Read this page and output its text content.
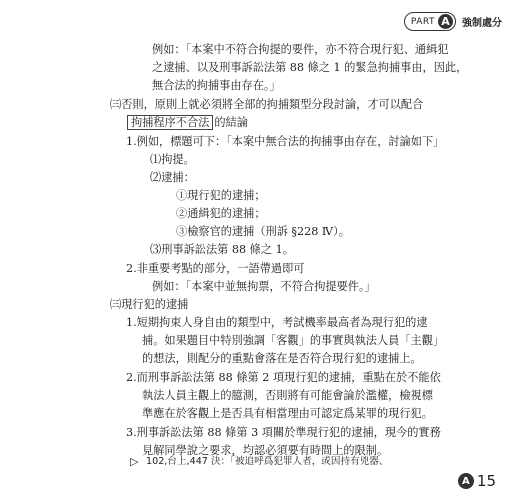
PART A	強制處分
例如：「本案中不符合拘提的要件，亦不符合現行犯、通緝犯
之逮捕、以及刑事訴訟法第 88 條之 1 的緊急拘捕事由，因此，
無合法的拘捕事由存在。」
㈢否則，原則上就必須將全部的拘捕類型分段討論，才可以配合
拘捕程序不合法 的結論
1.例如，標題可下：「本案中無合法的拘捕事由存在，討論如下」
⑴拘提。
⑵逮捕：
①現行犯的逮捕；
②通緝犯的逮捕；
③檢察官的逮捕（刑訴 §228 Ⅳ）。
⑶刑事訴訟法第 88 條之 1。
2.非重要考點的部分，一語帶過即可
例如：「本案中並無拘票，不符合拘提要件。」
㈢現行犯的逮捕
1.短期拘束人身自由的類型中，考試機率最高者為現行犯的逮
捕。如果題目中特別強調「客觀」的事實與執法人員「主觀」
的想法，則配分的重點會落在是否符合現行犯的逮捕上。
2.而刑事訴訟法第 88 條第 2 項現行犯的逮捕，重點在於不能依
執法人員主觀上的臆測，否則將有可能會論於濫權，檢視標
準應在於客觀上是否具有相當理由可認定爲某罪的現行犯。
3.刑事訴訟法第 88 條第 3 項關於準現行犯的逮捕，現今的實務
見解同學說之要求，均認必須要有時間上的限制。
▷ 102,台上,447 決：「被追呼爲犯罪人者，或因持有兇器、
A 15
